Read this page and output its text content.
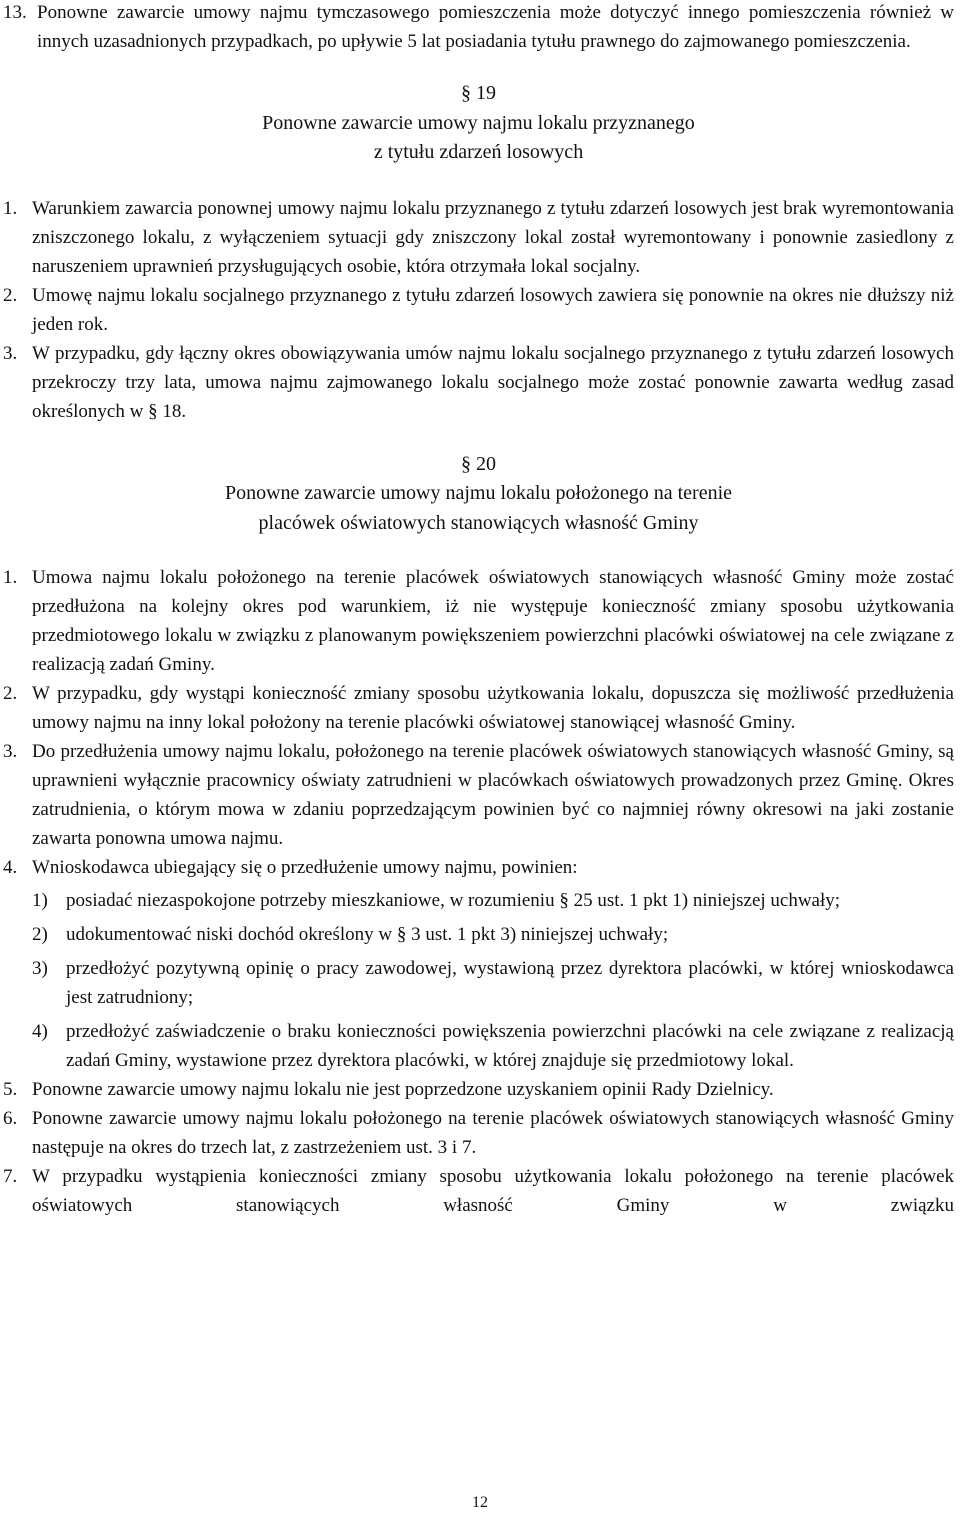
13. Ponowne zawarcie umowy najmu tymczasowego pomieszczenia może dotyczyć innego pomieszczenia również w innych uzasadnionych przypadkach, po upływie 5 lat posiadania tytułu prawnego do zajmowanego pomieszczenia.
§ 19
Ponowne zawarcie umowy najmu lokalu przyznanego
z tytułu zdarzeń losowych
1. Warunkiem zawarcia ponownej umowy najmu lokalu przyznanego z tytułu zdarzeń losowych jest brak wyremontowania zniszczonego lokalu, z wyłączeniem sytuacji gdy zniszczony lokal został wyremontowany i ponownie zasiedlony z naruszeniem uprawnień przysługujących osobie, która otrzymała lokal socjalny.
2. Umowę najmu lokalu socjalnego przyznanego z tytułu zdarzeń losowych zawiera się ponownie na okres nie dłuższy niż jeden rok.
3. W przypadku, gdy łączny okres obowiązywania umów najmu lokalu socjalnego przyznanego z tytułu zdarzeń losowych przekroczy trzy lata, umowa najmu zajmowanego lokalu socjalnego może zostać ponownie zawarta według zasad określonych w § 18.
§ 20
Ponowne zawarcie umowy najmu lokalu położonego na terenie
placówek oświatowych stanowiących własność Gminy
1. Umowa najmu lokalu położonego na terenie placówek oświatowych stanowiących własność Gminy może zostać przedłużona na kolejny okres pod warunkiem, iż nie występuje konieczność zmiany sposobu użytkowania przedmiotowego lokalu w związku z planowanym powiększeniem powierzchni placówki oświatowej na cele związane z realizacją zadań Gminy.
2. W przypadku, gdy wystąpi konieczność zmiany sposobu użytkowania lokalu, dopuszcza się możliwość przedłużenia umowy najmu na inny lokal położony na terenie placówki oświatowej stanowiącej własność Gminy.
3. Do przedłużenia umowy najmu lokalu, położonego na terenie placówek oświatowych stanowiących własność Gminy, są uprawnieni wyłącznie pracownicy oświaty zatrudnieni w placówkach oświatowych prowadzonych przez Gminę. Okres zatrudnienia, o którym mowa w zdaniu poprzedzającym powinien być co najmniej równy okresowi na jaki zostanie zawarta ponowna umowa najmu.
4. Wnioskodawca ubiegający się o przedłużenie umowy najmu, powinien:
1) posiadać niezaspokojone potrzeby mieszkaniowe, w rozumieniu § 25 ust. 1 pkt 1) niniejszej uchwały;
2) udokumentować niski dochód określony w § 3 ust. 1 pkt 3) niniejszej uchwały;
3) przedłożyć pozytywną opinię o pracy zawodowej, wystawioną przez dyrektora placówki, w której wnioskodawca jest zatrudniony;
4) przedłożyć zaświadczenie o braku konieczności powiększenia powierzchni placówki na cele związane z realizacją zadań Gminy, wystawione przez dyrektora placówki, w której znajduje się przedmiotowy lokal.
5. Ponowne zawarcie umowy najmu lokalu nie jest poprzedzone uzyskaniem opinii Rady Dzielnicy.
6. Ponowne zawarcie umowy najmu lokalu położonego na terenie placówek oświatowych stanowiących własność Gminy następuje na okres do trzech lat, z zastrzeżeniem ust. 3 i 7.
7. W przypadku wystąpienia konieczności zmiany sposobu użytkowania lokalu położonego na terenie placówek oświatowych stanowiących własność Gminy w związku
12
